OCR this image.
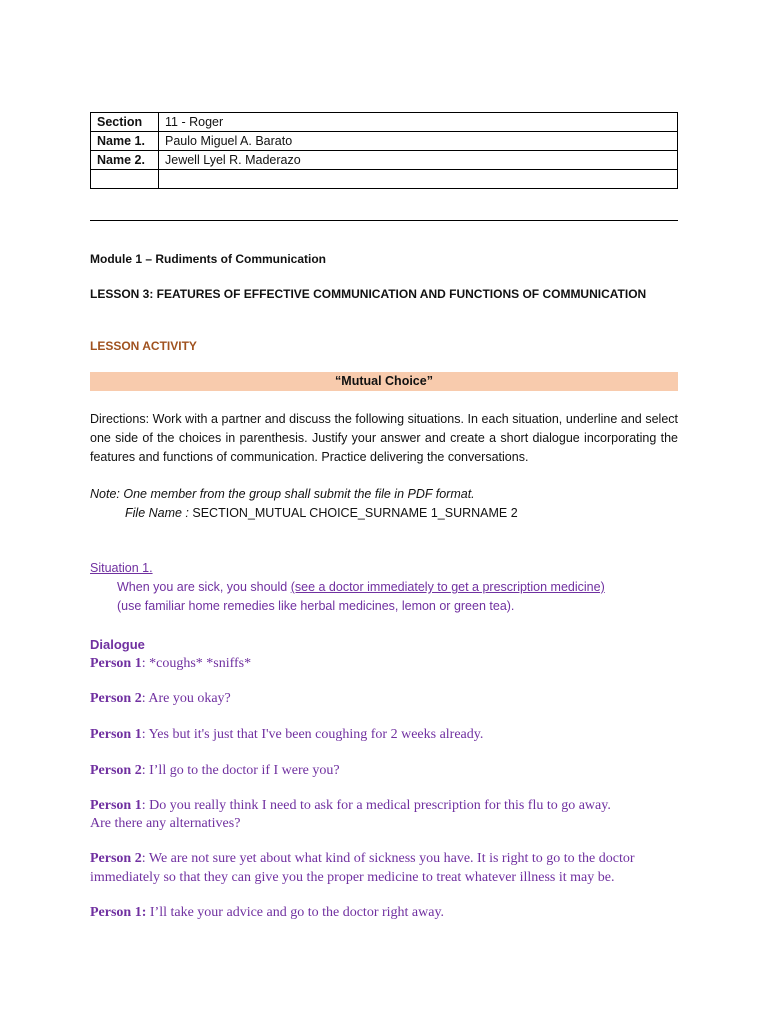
Section	11 - Roger
Name 1.	Paulo Miguel A. Barato
Name 2.	Jewell Lyel R. Maderazo

Module 1 – Rudiments of Communication
LESSON 3: FEATURES OF EFFECTIVE COMMUNICATION AND FUNCTIONS OF COMMUNICATION
LESSON ACTIVITY
“Mutual Choice”
Directions: Work with a partner and discuss the following situations. In each situation, underline and select one side of the choices in parenthesis. Justify your answer and create a short dialogue incorporating the features and functions of communication. Practice delivering the conversations.
Note: One member from the group shall submit the file in PDF format.
File Name : SECTION_MUTUAL CHOICE_SURNAME 1_SURNAME 2
Situation 1.
When you are sick, you should (see a doctor immediately to get a prescription medicine)
(use familiar home remedies like herbal medicines, lemon or green tea).
Dialogue
Person 1: *coughs* *sniffs*
Person 2: Are you okay?
Person 1: Yes but it's just that I've been coughing for 2 weeks already.
Person 2: I’ll go to the doctor if I were you?
Person 1: Do you really think I need to ask for a medical prescription for this flu to go away.
Are there any alternatives?
Person 2: We are not sure yet about what kind of sickness you have. It is right to go to the doctor
immediately so that they can give you the proper medicine to treat whatever illness it may be.
Person 1: I’ll take your advice and go to the doctor right away.
